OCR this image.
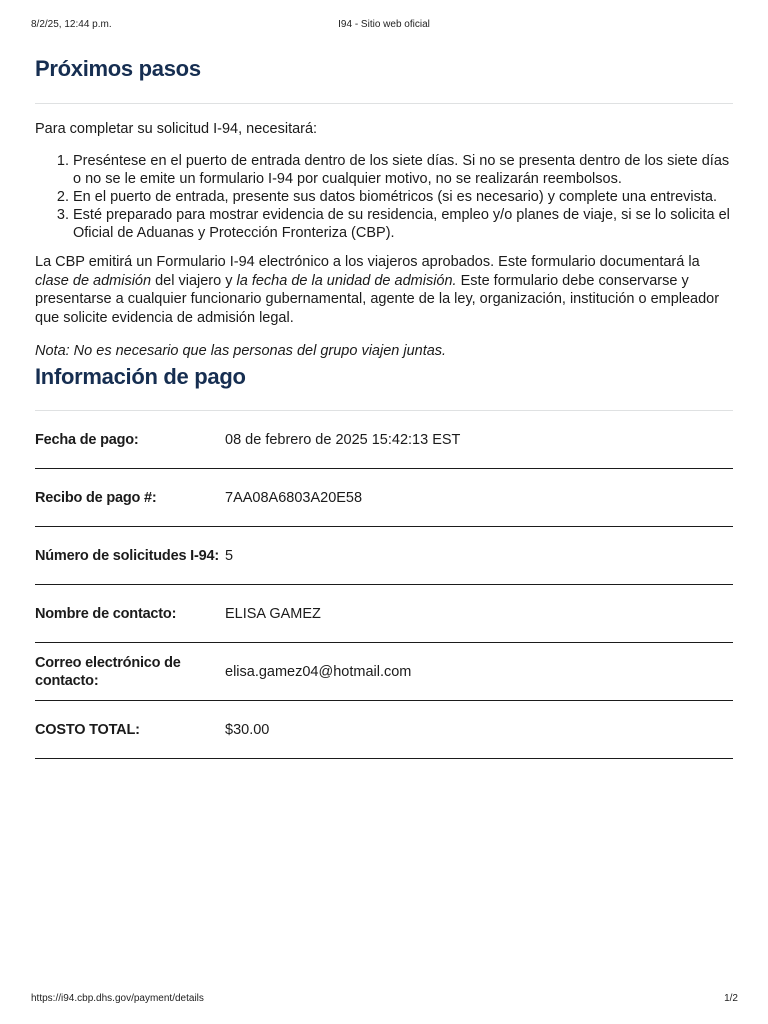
8/2/25, 12:44 p.m.	I94 - Sitio web oficial
Próximos pasos

Para completar su solicitud I-94, necesitará:

1. Preséntese en el puerto de entrada dentro de los siete días. Si no se presenta dentro de los siete días o no se le emite un formulario I-94 por cualquier motivo, no se realizarán reembolsos.
2. En el puerto de entrada, presente sus datos biométricos (si es necesario) y complete una entrevista.
3. Esté preparado para mostrar evidencia de su residencia, empleo y/o planes de viaje, si se lo solicita el Oficial de Aduanas y Protección Fronteriza (CBP).

La CBP emitirá un Formulario I-94 electrónico a los viajeros aprobados. Este formulario documentará la clase de admisión del viajero y la fecha de la unidad de admisión. Este formulario debe conservarse y presentarse a cualquier funcionario gubernamental, agente de la ley, organización, institución o empleador que solicite evidencia de admisión legal.

Nota: No es necesario que las personas del grupo viajen juntas.

Información de pago
Fecha de pago:	08 de febrero de 2025 15:42:13 EST
Recibo de pago #:	7AA08A6803A20E58
Número de solicitudes I-94: 5
Nombre de contacto:	ELISA GAMEZ
Correo electrónico de contacto:
elisa.gamez04@hotmail.com
COSTO TOTAL:	$30.00
https://i94.cbp.dhs.gov/payment/details	1/2
